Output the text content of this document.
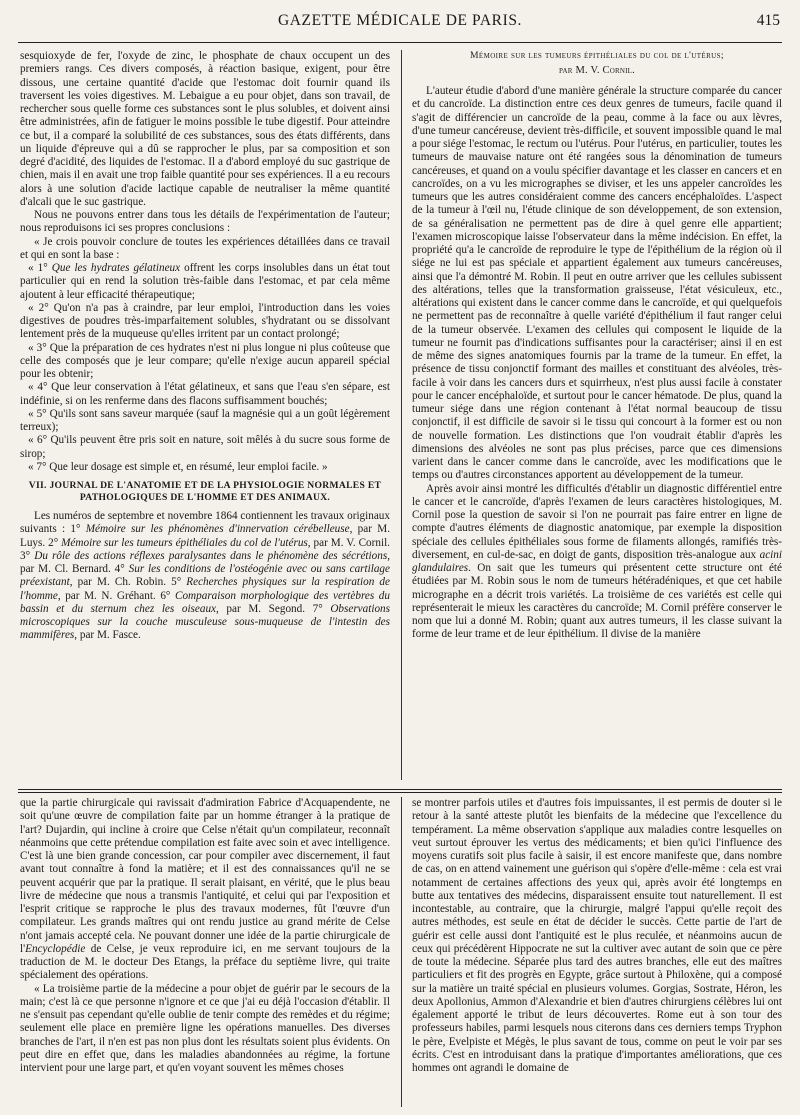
GAZETTE MÉDICALE DE PARIS.	415

sesquioxyde de fer, l'oxyde de zinc, le phosphate de chaux occupent un des premiers rangs. Ces divers composés, à réaction basique, exigent, pour être dissous, une certaine quantité d'acide que l'estomac doit fournir quand ils traversent les voies digestives. M. Lebaigue a eu pour objet, dans son travail, de rechercher sous quelle forme ces substances sont le plus solubles, et doivent ainsi être administrées, afin de fatiguer le moins possible le tube digestif. Pour atteindre ce but, il a comparé la solubilité de ces substances, sous des états différents, dans un liquide d'épreuve qui a dû se rapprocher le plus, par sa composition et son degré d'acidité, des liquides de l'estomac. Il a d'abord employé du suc gastrique de chien, mais il en avait une trop faible quantité pour ses expériences. Il a eu recours alors à une solution d'acide lactique capable de neutraliser la même quantité d'alcali que le suc gastrique.

Nous ne pouvons entrer dans tous les détails de l'expérimentation de l'auteur; nous reproduisons ici ses propres conclusions :

« Je crois pouvoir conclure de toutes les expériences détaillées dans ce travail et qui en sont la base :

« 1° Que les hydrates gélatineux offrent les corps insolubles dans un état tout particulier qui en rend la solution très-faible dans l'estomac, et par cela même ajoutent à leur efficacité thérapeutique;

« 2° Qu'on n'a pas à craindre, par leur emploi, l'introduction dans les voies digestives de poudres très-imparfaitement solubles, s'hydratant ou se dissolvant lentement près de la muqueuse qu'elles irritent par un contact prolongé;

« 3° Que la préparation de ces hydrates n'est ni plus longue ni plus coûteuse que celle des composés que je leur compare; qu'elle n'exige aucun appareil spécial pour les obtenir;

« 4° Que leur conservation à l'état gélatineux, et sans que l'eau s'en sépare, est indéfinie, si on les renferme dans des flacons suffisamment bouchés;

« 5° Qu'ils sont sans saveur marquée (sauf la magnésie qui a un goût légèrement terreux);

« 6° Qu'ils peuvent être pris soit en nature, soit mêlés à du sucre sous forme de sirop;

« 7° Que leur dosage est simple et, en résumé, leur emploi facile. »

VII. JOURNAL DE L'ANATOMIE ET DE LA PHYSIOLOGIE NORMALES ET PATHOLOGIQUES DE L'HOMME ET DES ANIMAUX.

Les numéros de septembre et novembre 1864 contiennent les travaux originaux suivants : 1° Mémoire sur les phénomènes d'innervation cérébelleuse, par M. Luys. 2° Mémoire sur les tumeurs épithéliales du col de l'utérus, par M. V. Cornil. 3° Du rôle des actions réflexes paralysantes dans le phénomène des sécrétions, par M. Cl. Bernard. 4° Sur les conditions de l'ostéogénie avec ou sans cartilage préexistant, par M. Ch. Robin. 5° Recherches physiques sur la respiration de l'homme, par M. N. Gréhant. 6° Comparaison morphologique des vertèbres du bassin et du sternum chez les oiseaux, par M. Segond. 7° Observations microscopiques sur la couche musculeuse sous-muqueuse de l'intestin des mammifères, par M. Fasce.

Mémoire sur les tumeurs épithéliales du col de l'utérus;
par M. V. Cornil.

L'auteur étudie d'abord d'une manière générale la structure comparée du cancer et du cancroïde. La distinction entre ces deux genres de tumeurs, facile quand il s'agit de différencier un cancroïde de la peau, comme à la face ou aux lèvres, d'une tumeur cancéreuse, devient très-difficile, et souvent impossible quand le mal a pour siége l'estomac, le rectum ou l'utérus. Pour l'utérus, en particulier, toutes les tumeurs de mauvaise nature ont été rangées sous la dénomination de tumeurs cancéreuses, et quand on a voulu spécifier davantage et les classer en cancers et en cancroïdes, on a vu les micrographes se diviser, et les uns appeler cancroïdes les tumeurs que les autres considéraient comme des cancers encéphaloïdes. L'aspect de la tumeur à l'œil nu, l'étude clinique de son développement, de son extension, de sa généralisation ne permettent pas de dire à quel genre elle appartient; l'examen microscopique laisse l'observateur dans la même indécision. En effet, la propriété qu'a le cancroïde de reproduire le type de l'épithélium de la région où il siége ne lui est pas spéciale et appartient également aux tumeurs cancéreuses, ainsi que l'a démontré M. Robin. Il peut en outre arriver que les cellules subissent des altérations, telles que la transformation graisseuse, l'état vésiculeux, etc., altérations qui existent dans le cancer comme dans le cancroïde, et qui quelquefois ne permettent pas de reconnaître à quelle variété d'épithélium il faut ranger celui de la tumeur observée. L'examen des cellules qui composent le liquide de la tumeur ne fournit pas d'indications suffisantes pour la caractériser; ainsi il en est de même des signes anatomiques fournis par la trame de la tumeur. En effet, la présence de tissu conjonctif formant des mailles et constituant des alvéoles, très-facile à voir dans les cancers durs et squirrheux, n'est plus aussi facile à constater pour le cancer encéphaloïde, et surtout pour le cancer hématode. De plus, quand la tumeur siége dans une région contenant à l'état normal beaucoup de tissu conjonctif, il est difficile de savoir si le tissu qui concourt à la former est ou non de nouvelle formation. Les distinctions que l'on voudrait établir d'après les dimensions des alvéoles ne sont pas plus précises, parce que ces dimensions varient dans le cancer comme dans le cancroïde, avec les modifications que le temps ou d'autres circonstances apportent au développement de la tumeur.

Après avoir ainsi montré les difficultés d'établir un diagnostic différentiel entre le cancer et le cancroïde, d'après l'examen de leurs caractères histologiques, M. Cornil pose la question de savoir si l'on ne pourrait pas faire entrer en ligne de compte d'autres éléments de diagnostic anatomique, par exemple la disposition spéciale des cellules épithéliales sous forme de filaments allongés, ramifiés très-diversement, en cul-de-sac, en doigt de gants, disposition très-analogue aux acini glandulaires. On sait que les tumeurs qui présentent cette structure ont été étudiées par M. Robin sous le nom de tumeurs hétéradéniques, et que cet habile micrographe en a décrit trois variétés. La troisième de ces variétés est celle qui représenterait le mieux les caractères du cancroïde; M. Cornil préfère conserver le nom que lui a donné M. Robin; quant aux autres tumeurs, il les classe suivant la forme de leur trame et de leur épithélium. Il divise de la manière

que la partie chirurgicale qui ravissait d'admiration Fabrice d'Acquapendente, ne soit qu'une œuvre de compilation faite par un homme étranger à la pratique de l'art? Dujardin, qui incline à croire que Celse n'était qu'un compilateur, reconnaît néanmoins que cette prétendue compilation est faite avec soin et avec intelligence. C'est là une bien grande concession, car pour compiler avec discernement, il faut avant tout connaître à fond la matière; et il est des connaissances qu'il ne se peuvent acquérir que par la pratique. Il serait plaisant, en vérité, que le plus beau livre de médecine que nous a transmis l'antiquité, et celui qui par l'exposition et l'esprit critique se rapproche le plus des travaux modernes, fût l'œuvre d'un compilateur. Les grands maîtres qui ont rendu justice au grand mérite de Celse n'ont jamais accepté cela. Ne pouvant donner une idée de la partie chirurgicale de l'Encyclopédie de Celse, je veux reproduire ici, en me servant toujours de la traduction de M. le docteur Des Etangs, la préface du septième livre, qui traite spécialement des opérations.

« La troisième partie de la médecine a pour objet de guérir par le secours de la main; c'est là ce que personne n'ignore et ce que j'ai eu déjà l'occasion d'établir. Il ne s'ensuit pas cependant qu'elle oublie de tenir compte des remèdes et du régime; seulement elle place en première ligne les opérations manuelles. Des diverses branches de l'art, il n'en est pas non plus dont les résultats soient plus évidents. On peut dire en effet que, dans les maladies abandonnées au régime, la fortune intervient pour une large part, et qu'en voyant souvent les mêmes choses

se montrer parfois utiles et d'autres fois impuissantes, il est permis de douter si le retour à la santé atteste plutôt les bienfaits de la médecine que l'excellence du tempérament. La même observation s'applique aux maladies contre lesquelles on veut surtout éprouver les vertus des médicaments; et bien qu'ici l'influence des moyens curatifs soit plus facile à saisir, il est encore manifeste que, dans nombre de cas, on en attend vainement une guérison qui s'opère d'elle-même : cela est vrai notamment de certaines affections des yeux qui, après avoir été longtemps en butte aux tentatives des médecins, disparaissent ensuite tout naturellement. Il est incontestable, au contraire, que la chirurgie, malgré l'appui qu'elle reçoit des autres méthodes, est seule en état de décider le succès. Cette partie de l'art de guérir est celle aussi dont l'antiquité est le plus reculée, et néanmoins aucun de ceux qui précédèrent Hippocrate ne sut la cultiver avec autant de soin que ce père de toute la médecine. Séparée plus tard des autres branches, elle eut des maîtres particuliers et fit des progrès en Egypte, grâce surtout à Philoxène, qui a composé sur la matière un traité spécial en plusieurs volumes. Gorgias, Sostrate, Héron, les deux Apollonius, Ammon d'Alexandrie et bien d'autres chirurgiens célèbres lui ont également apporté le tribut de leurs découvertes. Rome eut à son tour des professeurs habiles, parmi lesquels nous citerons dans ces derniers temps Tryphon le père, Evelpiste et Mégès, le plus savant de tous, comme on peut le voir par ses écrits. C'est en introduisant dans la pratique d'importantes améliorations, que ces hommes ont agrandi le domaine de
